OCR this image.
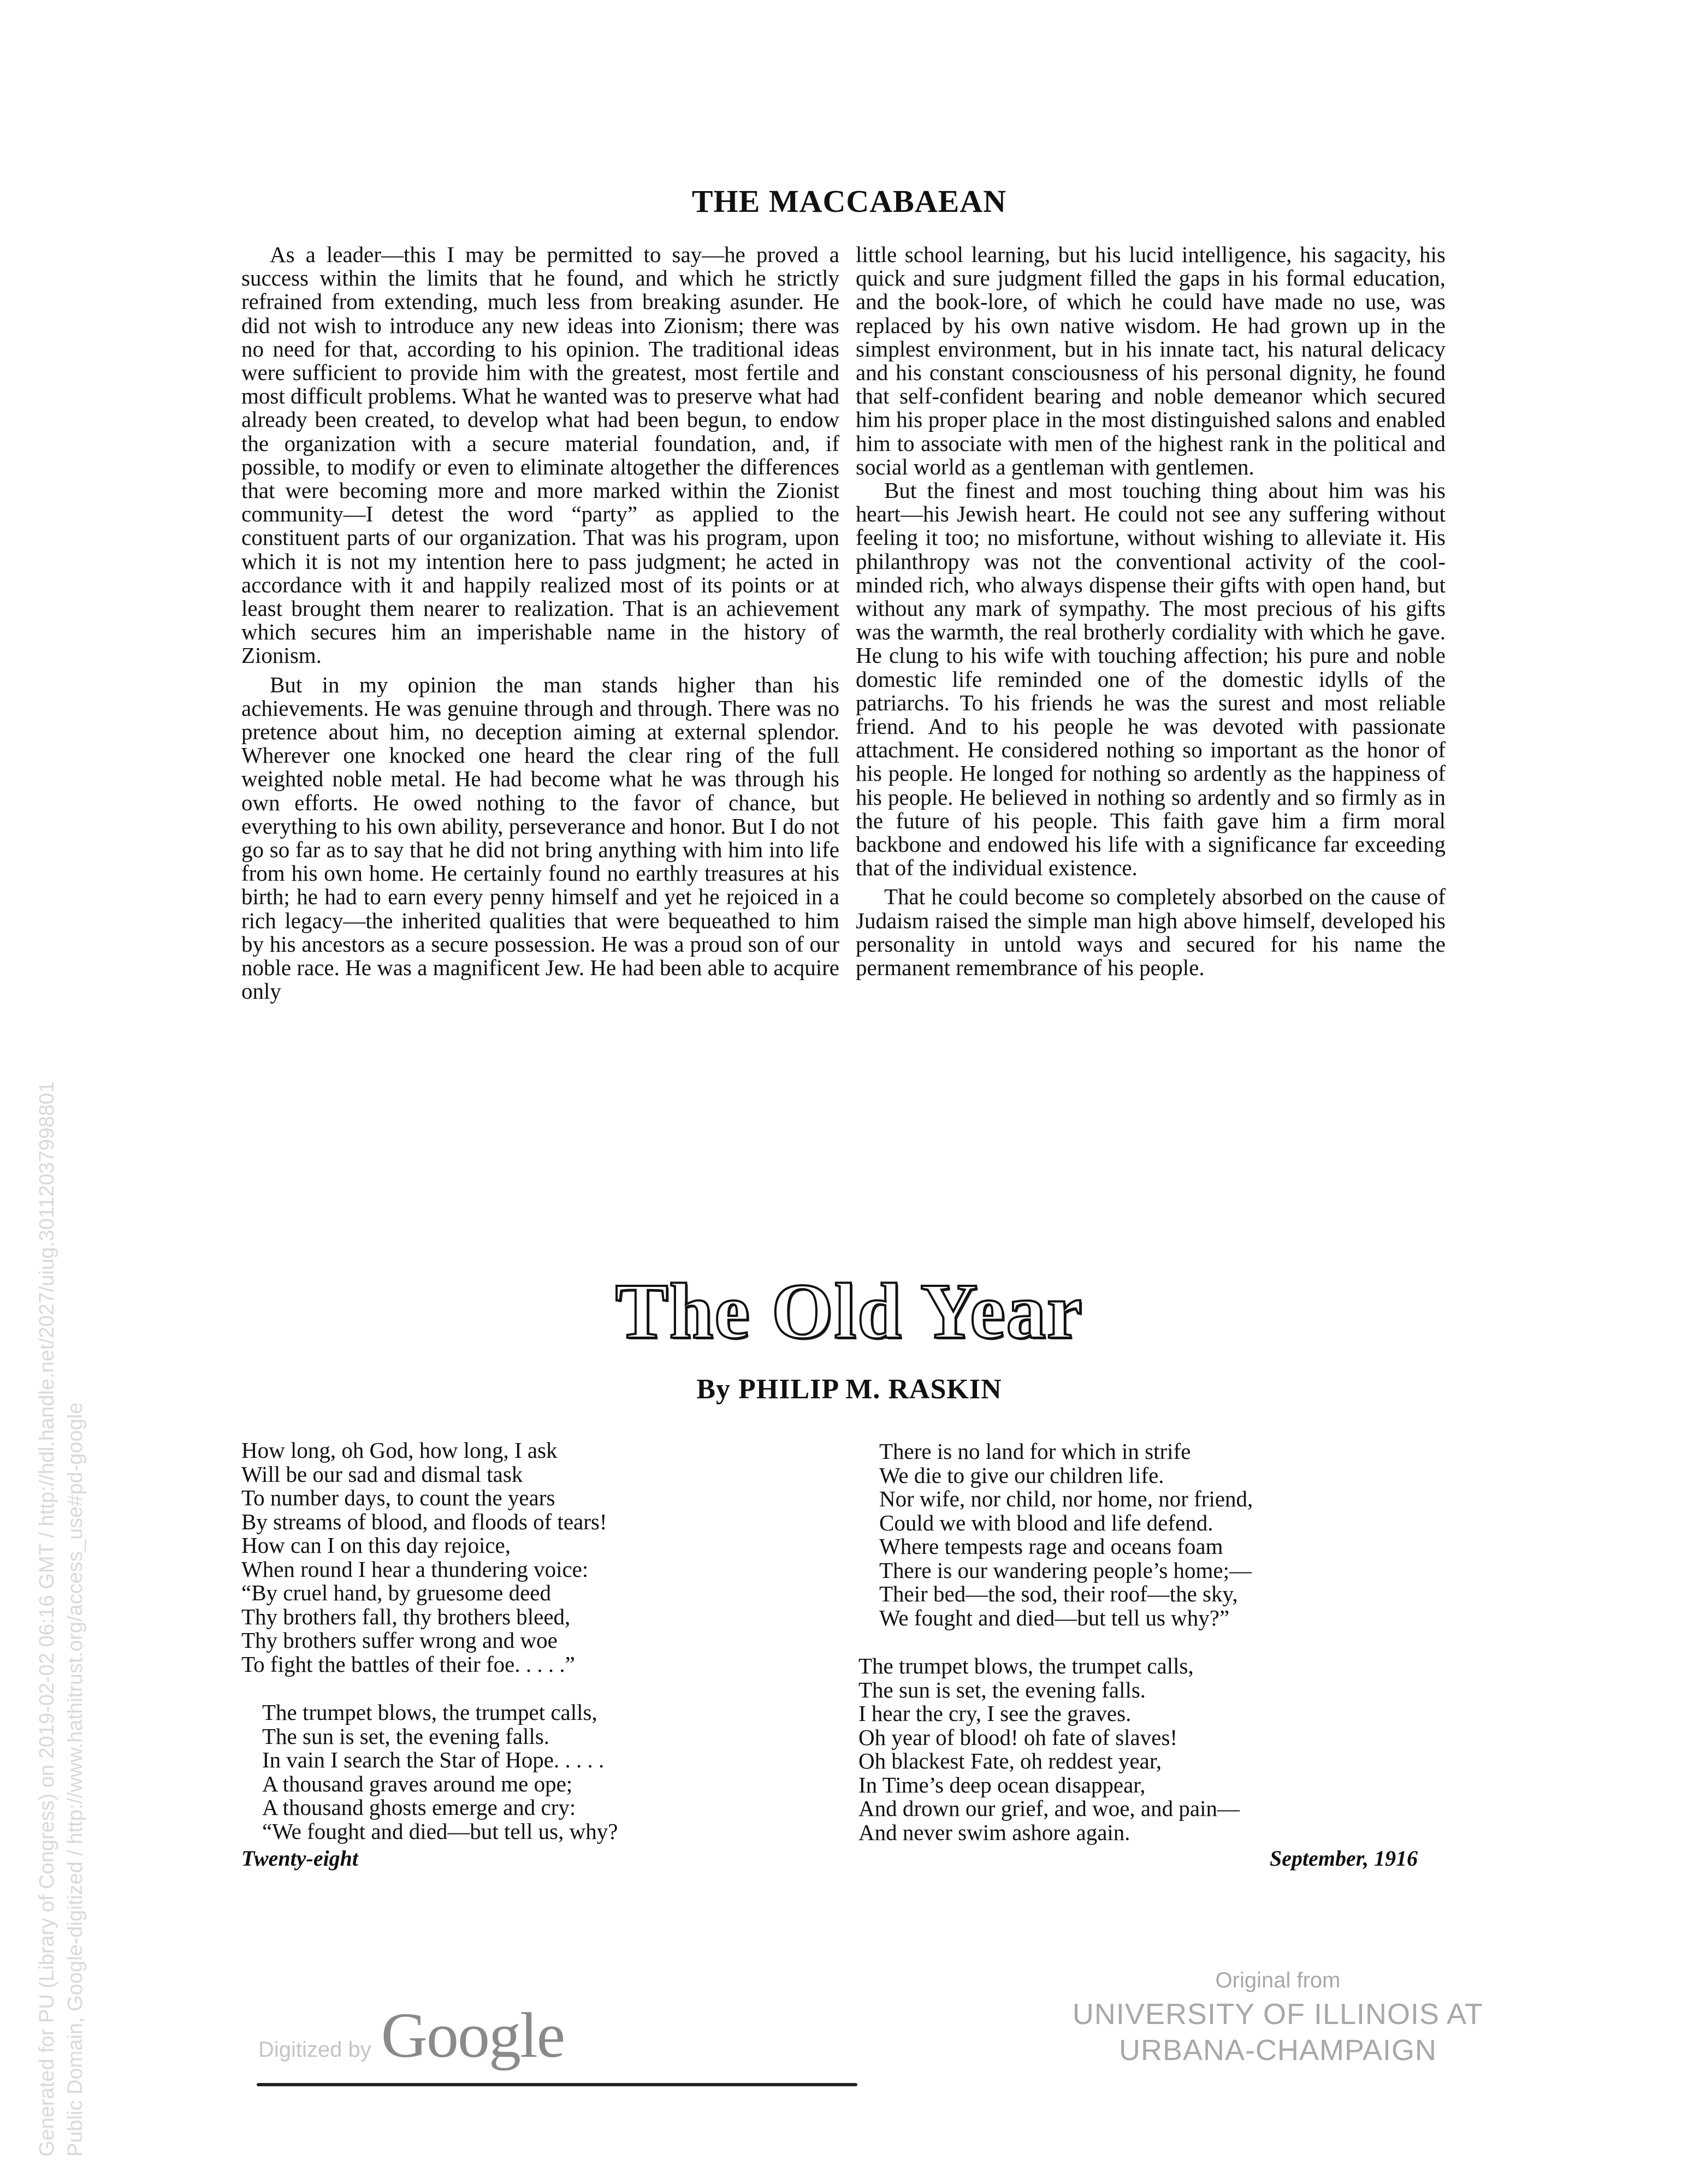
THE MACCABAEAN

As a leader—this I may be permitted to say—he proved a success within the limits that he found, and which he strictly refrained from extending, much less from breaking asunder. He did not wish to introduce any new ideas into Zionism; there was no need for that, according to his opinion. The traditional ideas were sufficient to provide him with the greatest, most fertile and most difficult problems. What he wanted was to preserve what had already been created, to develop what had been begun, to endow the organization with a secure material foundation, and, if possible, to modify or even to eliminate altogether the differences that were becoming more and more marked within the Zionist community—I detest the word “party” as applied to the constituent parts of our organization. That was his program, upon which it is not my intention here to pass judgment; he acted in accordance with it and happily realized most of its points or at least brought them nearer to realization. That is an achievement which secures him an imperishable name in the history of Zionism.

But in my opinion the man stands higher than his achievements. He was genuine through and through. There was no pretence about him, no deception aiming at external splendor. Wherever one knocked one heard the clear ring of the full weighted noble metal. He had become what he was through his own efforts. He owed nothing to the favor of chance, but everything to his own ability, perseverance and honor. But I do not go so far as to say that he did not bring anything with him into life from his own home. He certainly found no earthly treasures at his birth; he had to earn every penny himself and yet he rejoiced in a rich legacy—the inherited qualities that were bequeathed to him by his ancestors as a secure possession. He was a proud son of our noble race. He was a magnificent Jew. He had been able to acquire only

little school learning, but his lucid intelligence, his sagacity, his quick and sure judgment filled the gaps in his formal education, and the book-lore, of which he could have made no use, was replaced by his own native wisdom. He had grown up in the simplest environment, but in his innate tact, his natural delicacy and his constant consciousness of his personal dignity, he found that self-confident bearing and noble demeanor which secured him his proper place in the most distinguished salons and enabled him to associate with men of the highest rank in the political and social world as a gentleman with gentlemen.

But the finest and most touching thing about him was his heart—his Jewish heart. He could not see any suffering without feeling it too; no misfortune, without wishing to alleviate it. His philanthropy was not the conventional activity of the cool-minded rich, who always dispense their gifts with open hand, but without any mark of sympathy. The most precious of his gifts was the warmth, the real brotherly cordiality with which he gave. He clung to his wife with touching affection; his pure and noble domestic life reminded one of the domestic idylls of the patriarchs. To his friends he was the surest and most reliable friend. And to his people he was devoted with passionate attachment. He considered nothing so important as the honor of his people. He longed for nothing so ardently as the happiness of his people. He believed in nothing so ardently and so firmly as in the future of his people. This faith gave him a firm moral backbone and endowed his life with a significance far exceeding that of the individual existence.

That he could become so completely absorbed on the cause of Judaism raised the simple man high above himself, developed his personality in untold ways and secured for his name the permanent remembrance of his people.

The Old Year
By PHILIP M. RASKIN
How long, oh God, how long, I ask
Will be our sad and dismal task
To number days, to count the years
By streams of blood, and floods of tears!
How can I on this day rejoice,
When round I hear a thundering voice:
“By cruel hand, by gruesome deed
Thy brothers fall, thy brothers bleed,
Thy brothers suffer wrong and woe
To fight the battles of their foe. . . . .”
The trumpet blows, the trumpet calls,
The sun is set, the evening falls.
In vain I search the Star of Hope. . . . .
A thousand graves around me ope;
A thousand ghosts emerge and cry:
“We fought and died—but tell us, why?
There is no land for which in strife
We die to give our children life.
Nor wife, nor child, nor home, nor friend,
Could we with blood and life defend.
Where tempests rage and oceans foam
There is our wandering people’s home;—
Their bed—the sod, their roof—the sky,
We fought and died—but tell us why?”
The trumpet blows, the trumpet calls,
The sun is set, the evening falls.
I hear the cry, I see the graves.
Oh year of blood! oh fate of slaves!
Oh blackest Fate, oh reddest year,
In Time’s deep ocean disappear,
And drown our grief, and woe, and pain—
And never swim ashore again.
Twenty-eight	September, 1916
Generated for PU (Library of Congress) on 2019-02-02 06:16 GMT / http://hdl.handle.net/2027/uiug.30112037998801 Public Domain, Google-digitized / http://www.hathitrust.org/access_use#pd-google	Digitized by Google
Original from
UNIVERSITY OF ILLINOIS AT
URBANA-CHAMPAIGN
